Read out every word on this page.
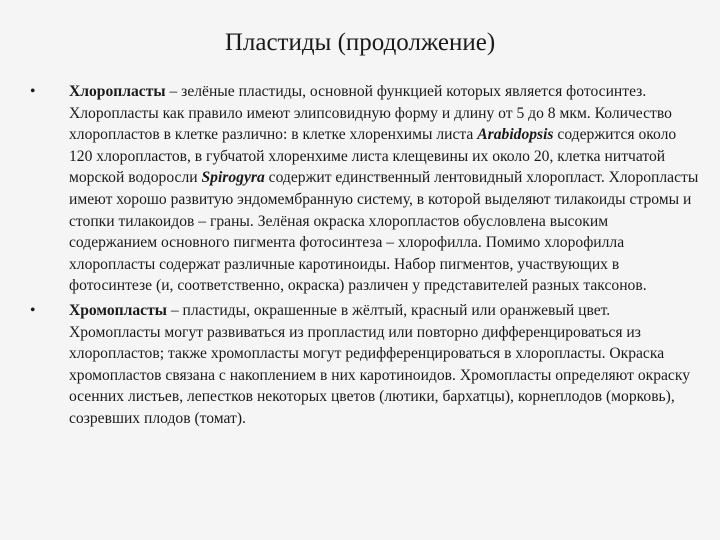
Пластиды (продолжение)
•	Хлоропласты – зелёные пластиды, основной функцией которых является фотосинтез. Хлоропласты как правило имеют элипсовидную форму и длину от 5 до 8 мкм. Количество хлоропластов в клетке различно: в клетке хлоренхимы листа Arabidopsis содержится около 120 хлоропластов, в губчатой хлоренхиме листа клещевины их около 20, клетка нитчатой морской водоросли Spirogyra содержит единственный лентовидный хлоропласт. Хлоропласты имеют хорошо развитую эндомембранную систему, в которой выделяют тилакоиды стромы и стопки тилакоидов – граны. Зелёная окраска хлоропластов обусловлена высоким содержанием основного пигмента фотосинтеза – хлорофилла. Помимо хлорофилла хлоропласты содержат различные каротиноиды. Набор пигментов, участвующих в фотосинтезе (и, соответственно, окраска) различен у представителей разных таксонов.
•	Хромопласты – пластиды, окрашенные в жёлтый, красный или оранжевый цвет. Хромопласты могут развиваться из пропластид или повторно дифференцироваться из хлоропластов; также хромопласты могут редифференцироваться в хлоропласты. Окраска хромопластов связана с накоплением в них каротиноидов. Хромопласты определяют окраску осенних листьев, лепестков некоторых цветов (лютики, бархатцы), корнеплодов (морковь), созревших плодов (томат).
